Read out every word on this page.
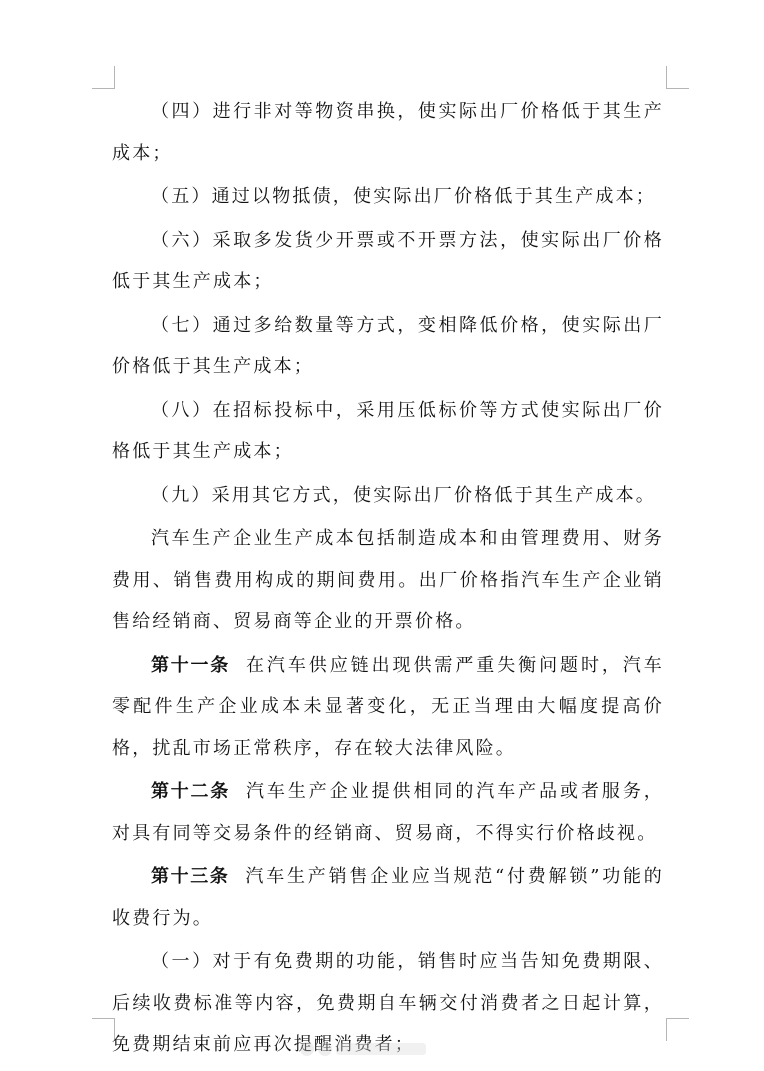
（四）进行非对等物资串换，使实际出厂价格低于其生产成本；

（五）通过以物抵债，使实际出厂价格低于其生产成本；

（六）采取多发货少开票或不开票方法，使实际出厂价格低于其生产成本；

（七）通过多给数量等方式，变相降低价格，使实际出厂价格低于其生产成本；

（八）在招标投标中，采用压低标价等方式使实际出厂价格低于其生产成本；

（九）采用其它方式，使实际出厂价格低于其生产成本。

汽车生产企业生产成本包括制造成本和由管理费用、财务费用、销售费用构成的期间费用。出厂价格指汽车生产企业销售给经销商、贸易商等企业的开票价格。

第十一条 在汽车供应链出现供需严重失衡问题时，汽车零配件生产企业成本未显著变化，无正当理由大幅度提高价格，扰乱市场正常秩序，存在较大法律风险。

第十二条 汽车生产企业提供相同的汽车产品或者服务，对具有同等交易条件的经销商、贸易商，不得实行价格歧视。

第十三条 汽车生产销售企业应当规范“付费解锁”功能的收费行为。

（一）对于有免费期的功能，销售时应当告知免费期限、后续收费标准等内容，免费期自车辆交付消费者之日起计算，免费期结束前应再次提醒消费者；
